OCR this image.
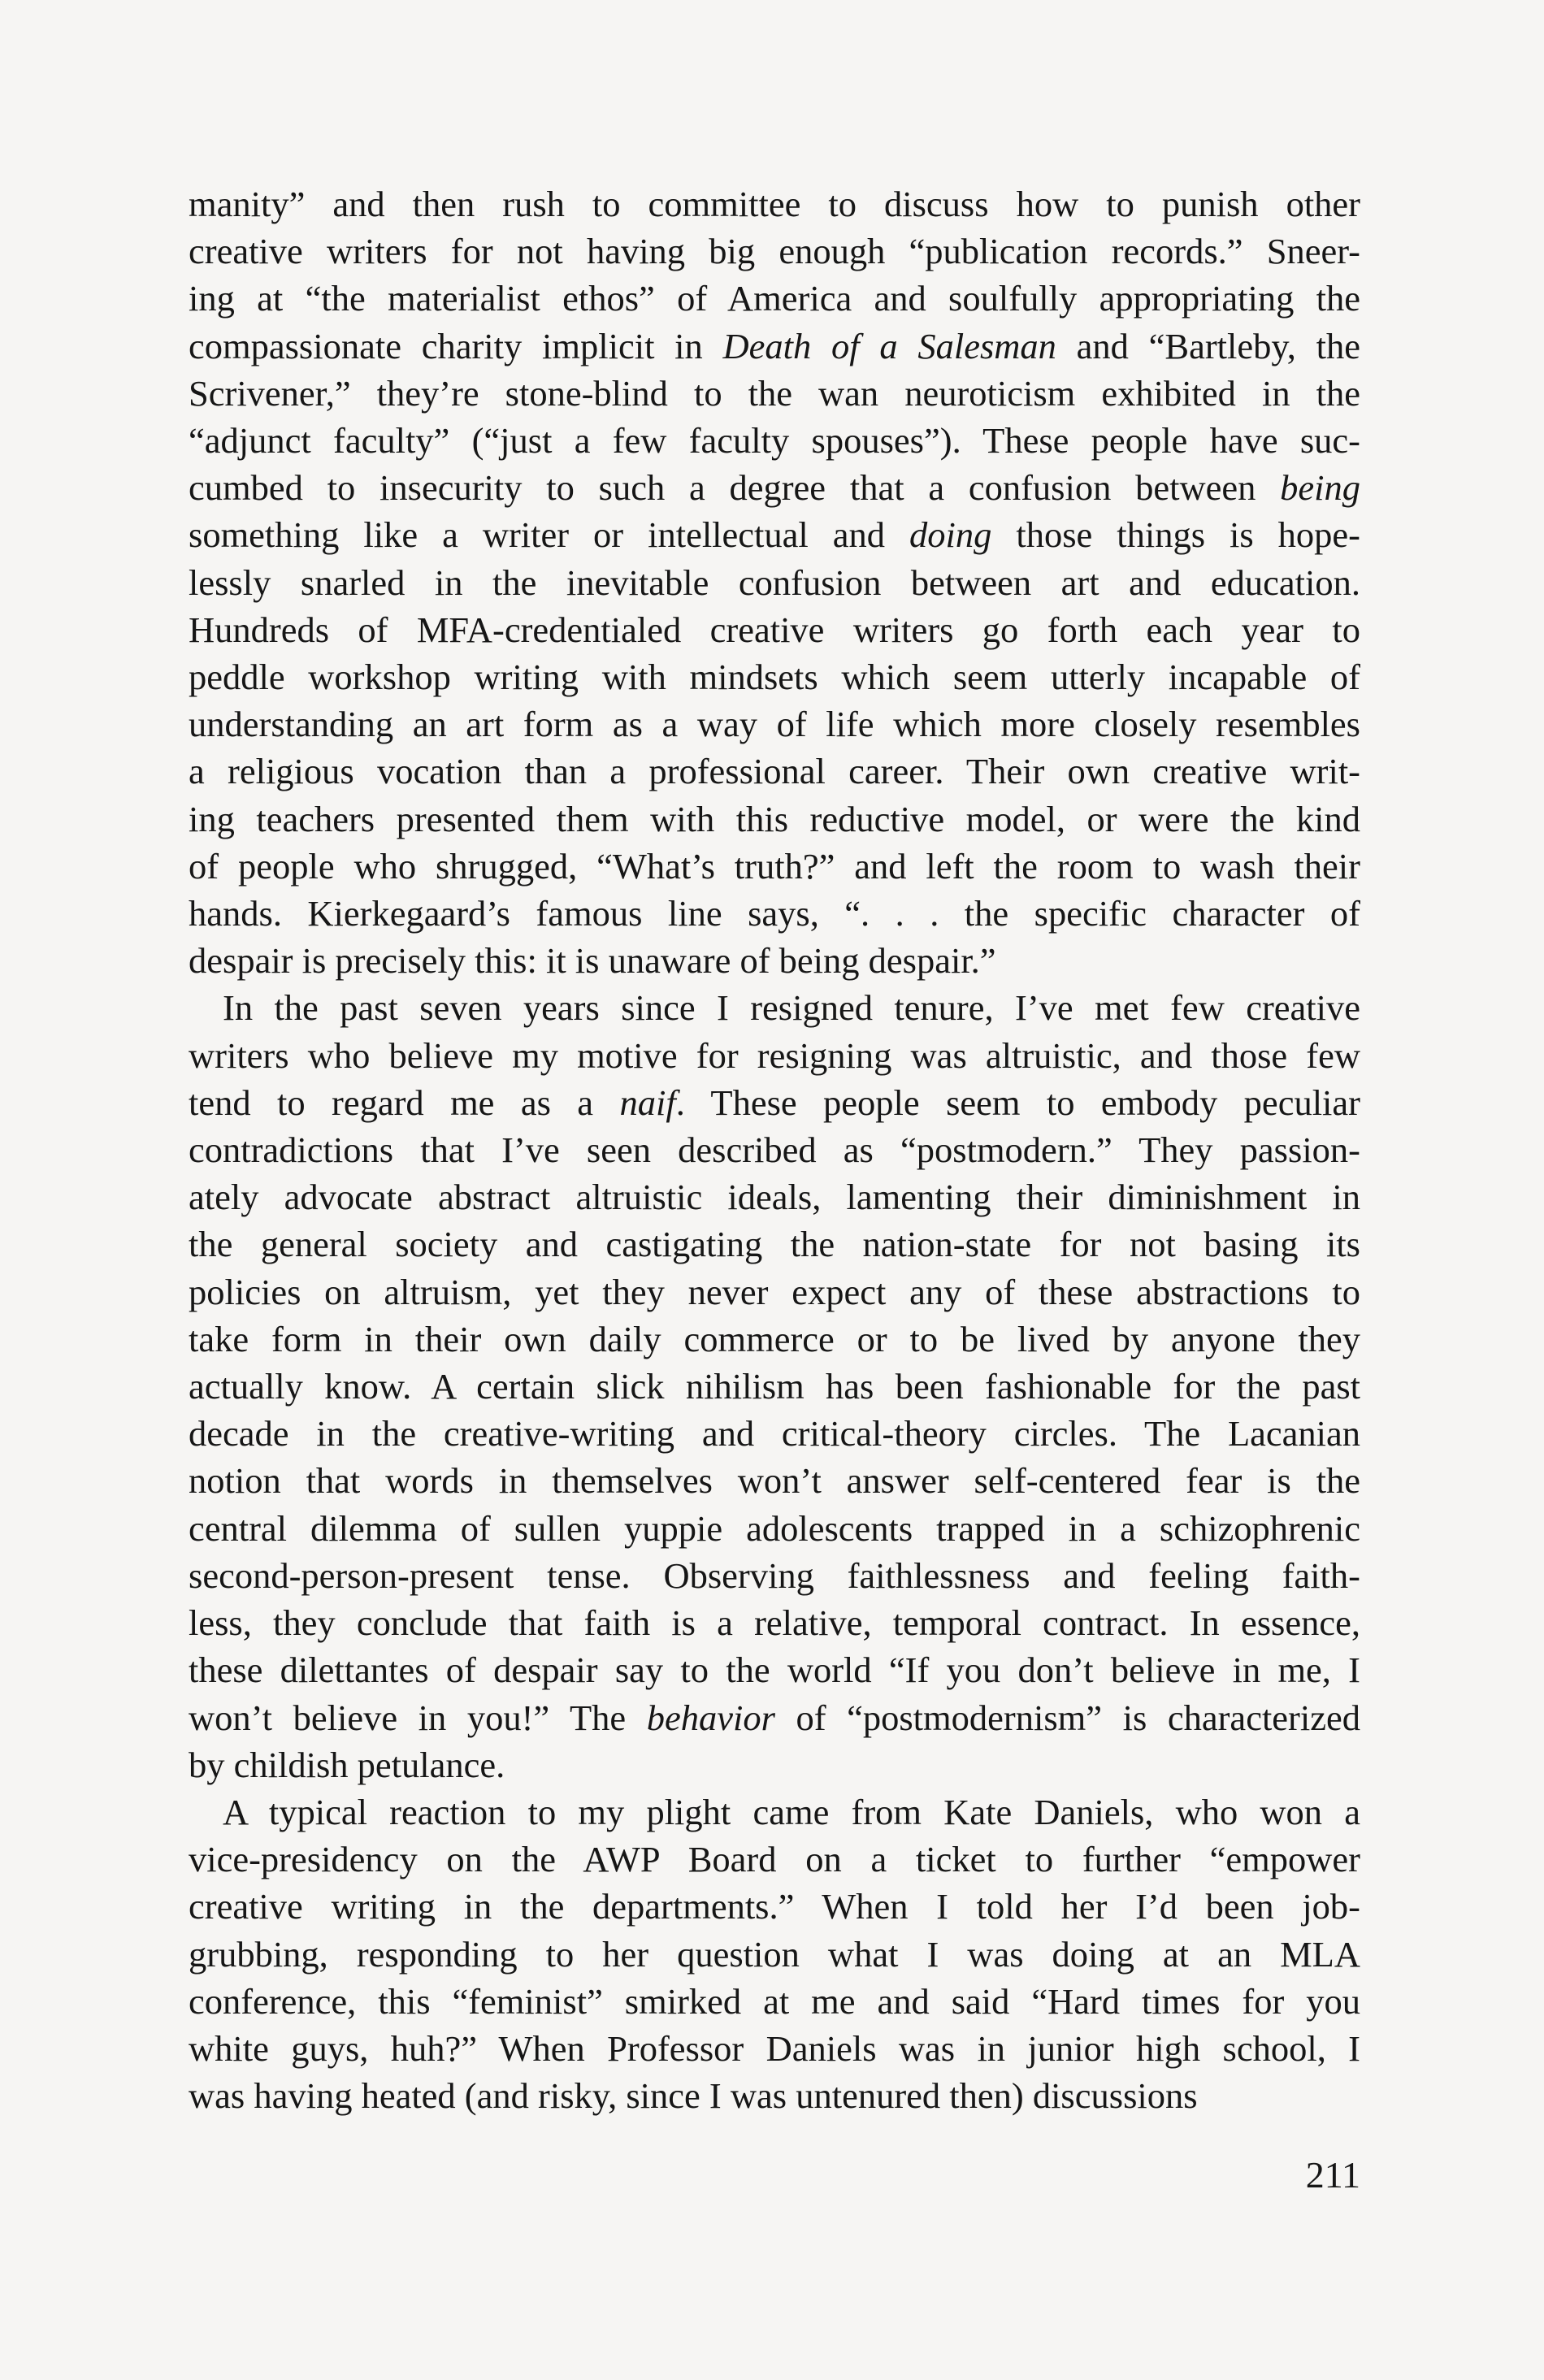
manity” and then rush to committee to discuss how to punish other

creative writers for not having big enough “publication records.” Sneer-

ing at “the materialist ethos” of America and soulfully appropriating the

compassionate charity implicit in Death of a Salesman and “Bartleby, the

Scrivener,” they’re stone-blind to the wan neuroticism exhibited in the

“adjunct faculty” (“just a few faculty spouses”). These people have suc-

cumbed to insecurity to such a degree that a confusion between being

something like a writer or intellectual and doing those things is hope-

lessly snarled in the inevitable confusion between art and education.

Hundreds of MFA-credentialed creative writers go forth each year to

peddle workshop writing with mindsets which seem utterly incapable of

understanding an art form as a way of life which more closely resembles

a religious vocation than a professional career. Their own creative writ-

ing teachers presented them with this reductive model, or were the kind

of people who shrugged, “What’s truth?” and left the room to wash their

hands. Kierkegaard’s famous line says, “. . . the specific character of

despair is precisely this: it is unaware of being despair.”

In the past seven years since I resigned tenure, I’ve met few creative

writers who believe my motive for resigning was altruistic, and those few

tend to regard me as a naif. These people seem to embody peculiar

contradictions that I’ve seen described as “postmodern.” They passion-

ately advocate abstract altruistic ideals, lamenting their diminishment in

the general society and castigating the nation-state for not basing its

policies on altruism, yet they never expect any of these abstractions to

take form in their own daily commerce or to be lived by anyone they

actually know. A certain slick nihilism has been fashionable for the past

decade in the creative-writing and critical-theory circles. The Lacanian

notion that words in themselves won’t answer self-centered fear is the

central dilemma of sullen yuppie adolescents trapped in a schizophrenic

second-person-present tense. Observing faithlessness and feeling faith-

less, they conclude that faith is a relative, temporal contract. In essence,

these dilettantes of despair say to the world “If you don’t believe in me, I

won’t believe in you!” The behavior of “postmodernism” is characterized

by childish petulance.

A typical reaction to my plight came from Kate Daniels, who won a

vice-presidency on the AWP Board on a ticket to further “empower

creative writing in the departments.” When I told her I’d been job-

grubbing, responding to her question what I was doing at an MLA

conference, this “feminist” smirked at me and said “Hard times for you

white guys, huh?” When Professor Daniels was in junior high school, I

was having heated (and risky, since I was untenured then) discussions

211
